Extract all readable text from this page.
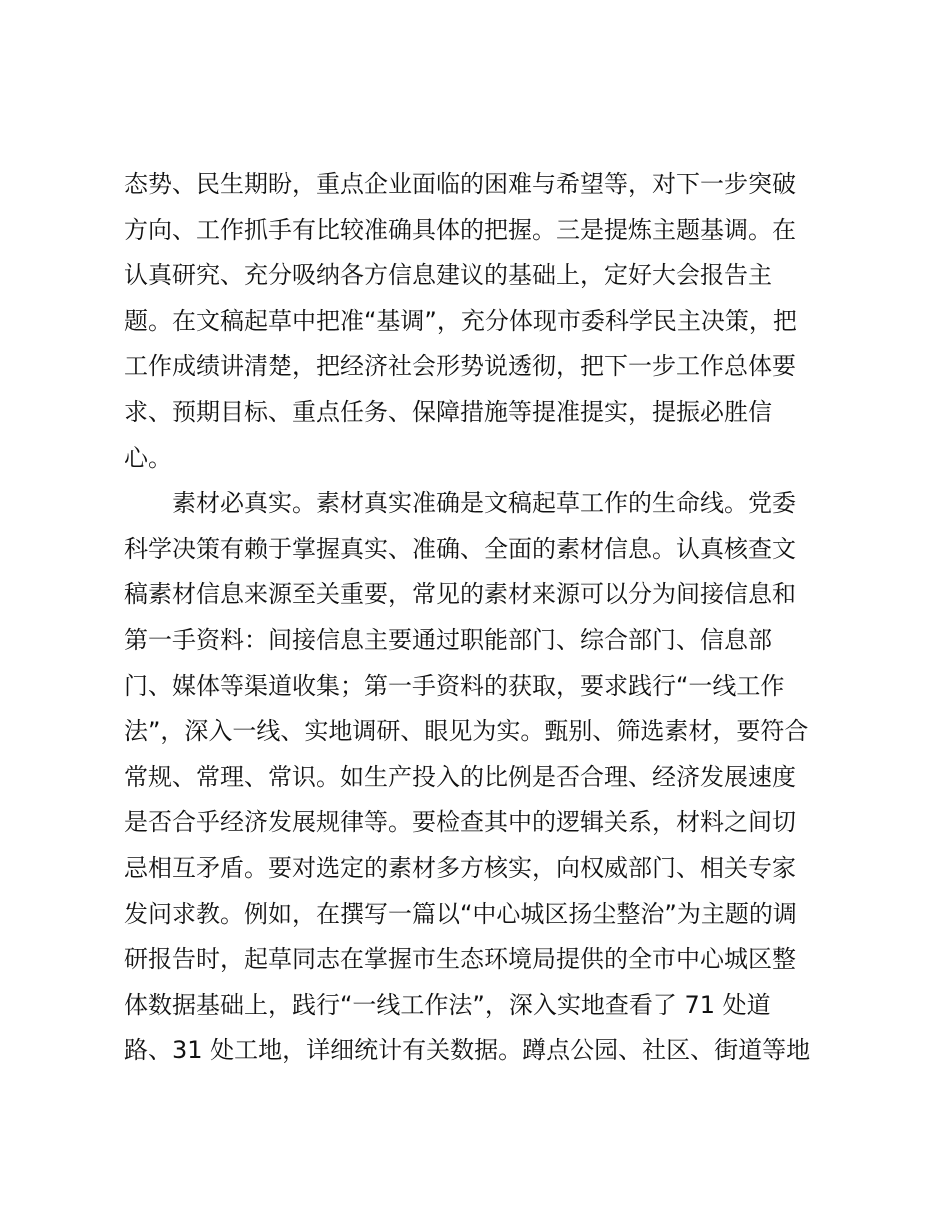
态势、民生期盼，重点企业面临的困难与希望等，对下一步突破
方向、工作抓手有比较准确具体的把握。三是提炼主题基调。在
认真研究、充分吸纳各方信息建议的基础上，定好大会报告主
题。在文稿起草中把准“基调”，充分体现市委科学民主决策，把
工作成绩讲清楚，把经济社会形势说透彻，把下一步工作总体要
求、预期目标、重点任务、保障措施等提准提实，提振必胜信
心。
素材必真实。素材真实准确是文稿起草工作的生命线。党委
科学决策有赖于掌握真实、准确、全面的素材信息。认真核查文
稿素材信息来源至关重要，常见的素材来源可以分为间接信息和
第一手资料：间接信息主要通过职能部门、综合部门、信息部
门、媒体等渠道收集；第一手资料的获取，要求践行“一线工作
法”，深入一线、实地调研、眼见为实。甄别、筛选素材，要符合
常规、常理、常识。如生产投入的比例是否合理、经济发展速度
是否合乎经济发展规律等。要检查其中的逻辑关系，材料之间切
忌相互矛盾。要对选定的素材多方核实，向权威部门、相关专家
发问求教。例如，在撰写一篇以“中心城区扬尘整治”为主题的调
研报告时，起草同志在掌握市生态环境局提供的全市中心城区整
体数据基础上，践行“一线工作法”，深入实地查看了 71 处道
路、31 处工地，详细统计有关数据。蹲点公园、社区、街道等地
